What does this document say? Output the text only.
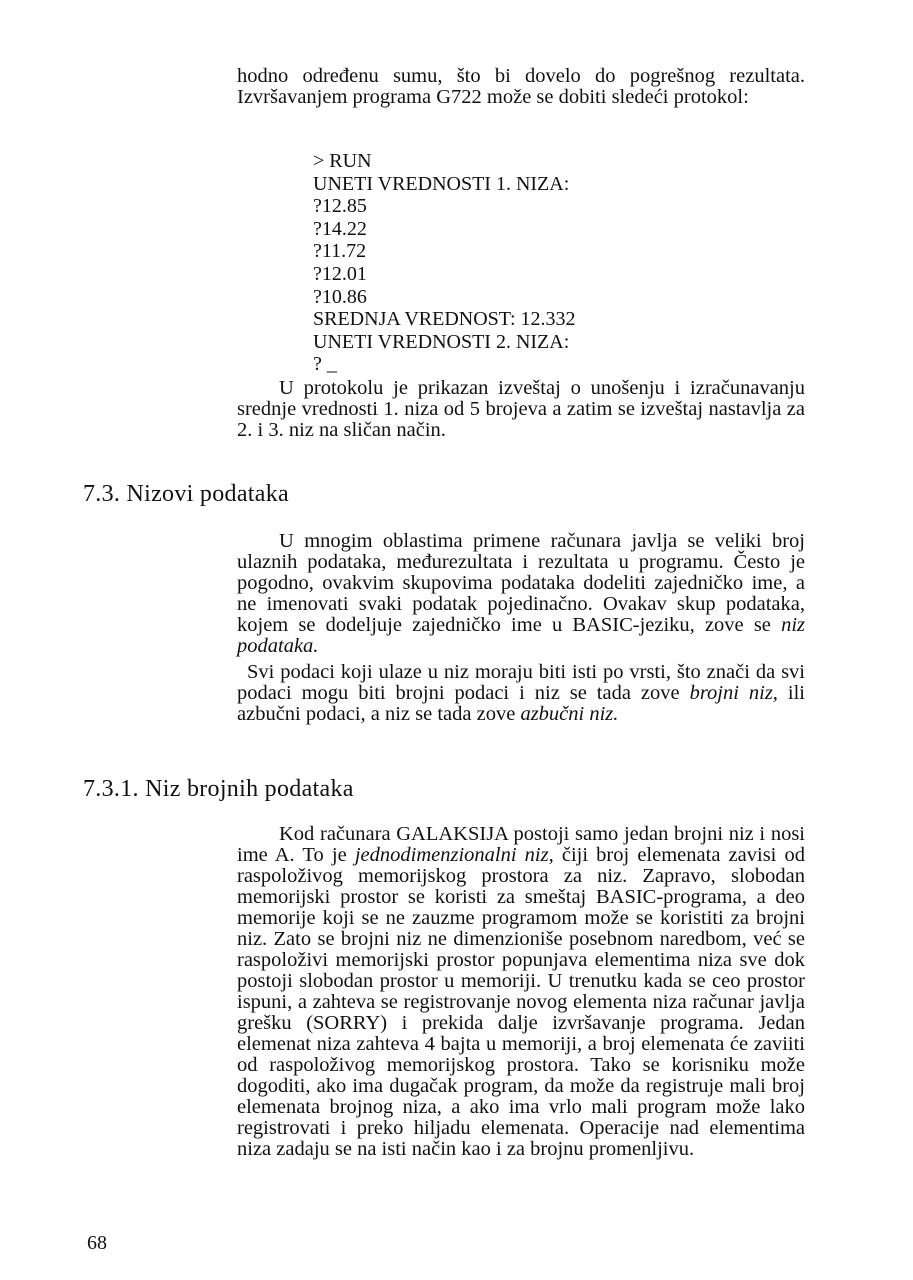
hodno određenu sumu, što bi dovelo do pogrešnog rezultata. Izvršavanjem programa G722 može se dobiti sledeći protokol:

> RUN
UNETI VREDNOSTI 1. NIZA:
?12.85
?14.22
?11.72
?12.01
?10.86
SREDNJA VREDNOST: 12.332
UNETI VREDNOSTI 2. NIZA:
? _

U protokolu je prikazan izveštaj o unošenju i izračunavanju srednje vrednosti 1. niza od 5 brojeva a zatim se izveštaj nastavlja za 2. i 3. niz na sličan način.

7.3. Nizovi podataka

U mnogim oblastima primene računara javlja se veliki broj ulaznih podataka, međurezultata i rezultata u programu. Često je pogodno, ovakvim skupovima podataka dodeliti zajedničko ime, a ne imenovati svaki podatak pojedinačno. Ovakav skup podataka, kojem se dodeljuje zajedničko ime u BASIC-jeziku, zove se niz podataka.

Svi podaci koji ulaze u niz moraju biti isti po vrsti, što znači da svi podaci mogu biti brojni podaci i niz se tada zove brojni niz, ili azbučni podaci, a niz se tada zove azbučni niz.

7.3.1. Niz brojnih podataka

Kod računara GALAKSIJA postoji samo jedan brojni niz i nosi ime A. To je jednodimenzionalni niz, čiji broj elemenata zavisi od raspoloživog memorijskog prostora za niz. Zapravo, slobodan memorijski prostor se koristi za smeštaj BASIC-programa, a deo memorije koji se ne zauzme programom može se koristiti za brojni niz. Zato se brojni niz ne dimenzioniše posebnom naredbom, već se raspoloživi memorijski prostor popunjava elementima niza sve dok postoji slobodan prostor u memoriji. U trenutku kada se ceo prostor ispuni, a zahteva se registrovanje novog elementa niza računar javlja grešku (SORRY) i prekida dalje izvršavanje programa. Jedan elemenat niza zahteva 4 bajta u memoriji, a broj elemenata će zaviiti od raspoloživog memorijskog prostora. Tako se korisniku može dogoditi, ako ima dugačak program, da može da registruje mali broj elemenata brojnog niza, a ako ima vrlo mali program može lako registrovati i preko hiljadu elemenata. Operacije nad elementima niza zadaju se na isti način kao i za brojnu promenljivu.

68
